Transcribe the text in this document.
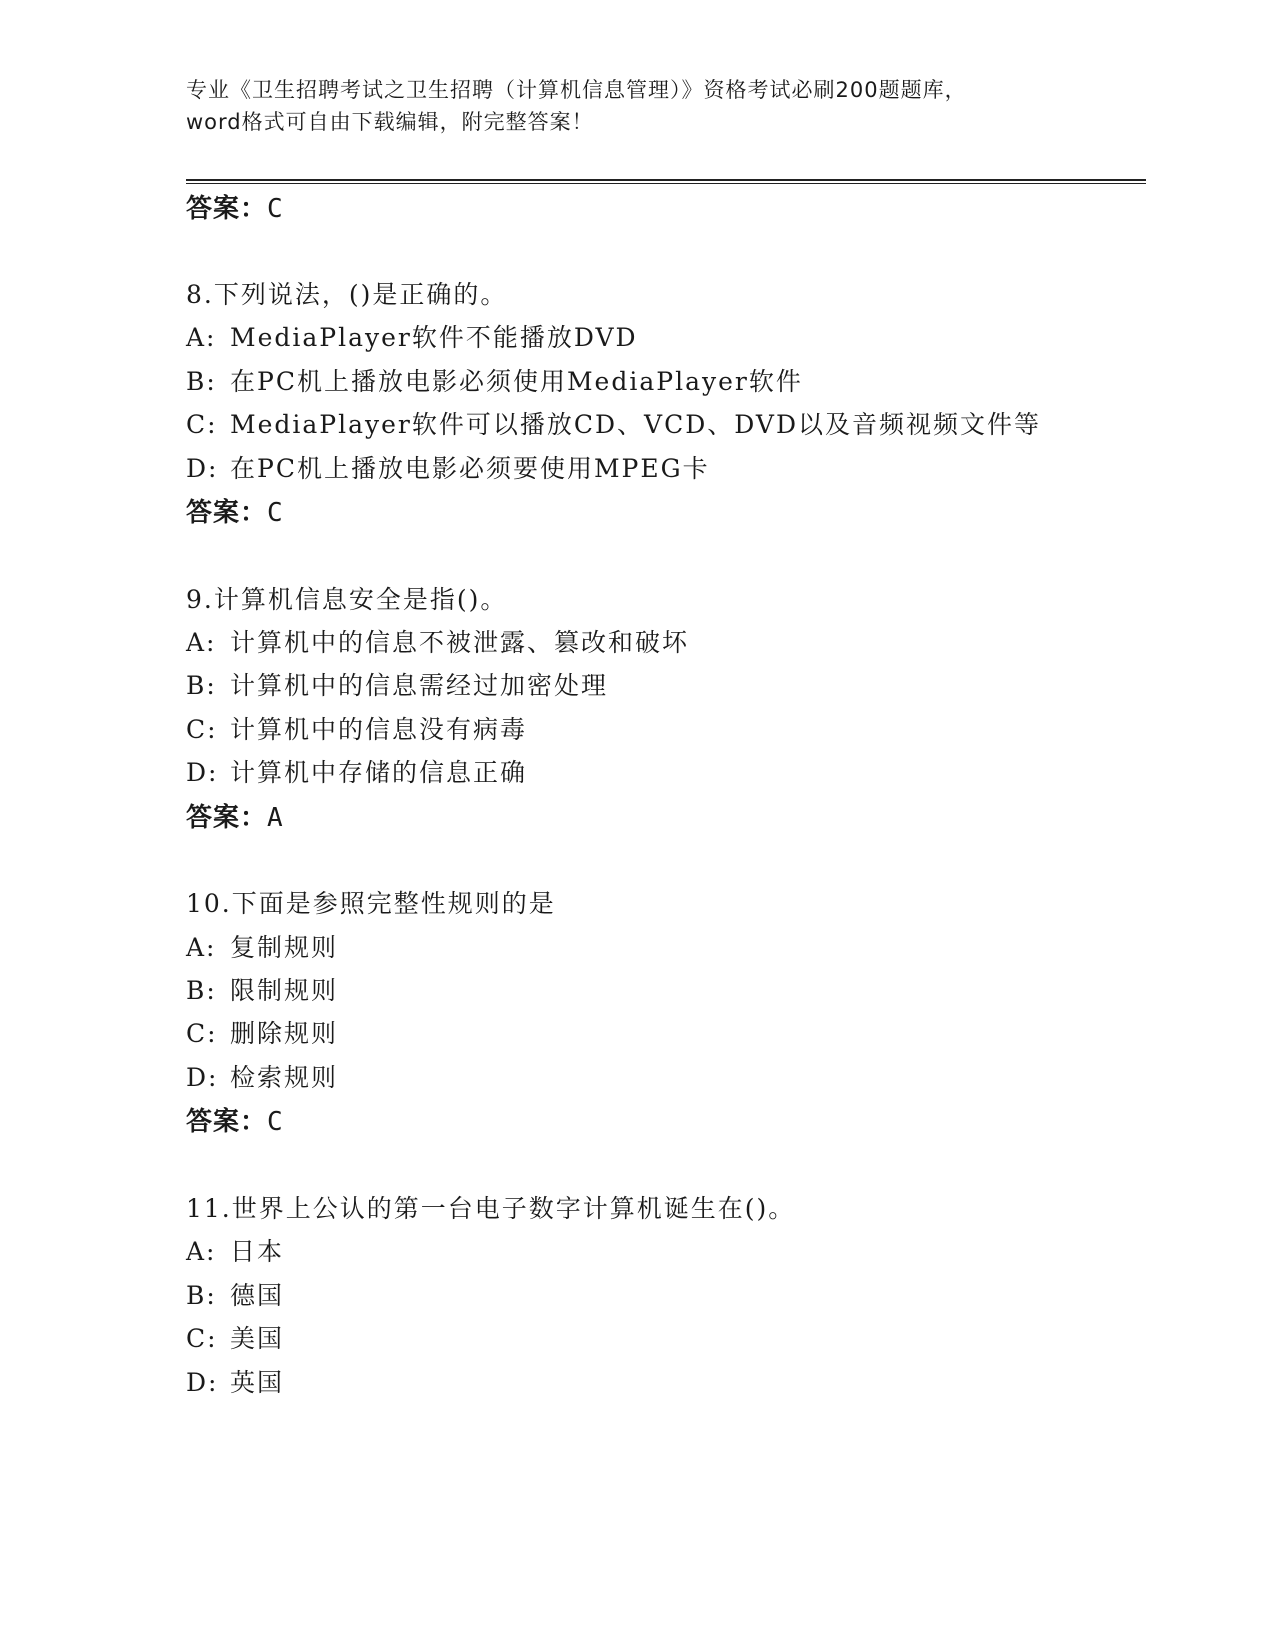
专业《卫生招聘考试之卫生招聘（计算机信息管理）》资格考试必刷200题题库，

word格式可自由下载编辑，附完整答案！

答案：C
8.下列说法，()是正确的。
A: MediaPlayer软件不能播放DVD
B: 在PC机上播放电影必须使用MediaPlayer软件
C: MediaPlayer软件可以播放CD、VCD、DVD以及音频视频文件等
D: 在PC机上播放电影必须要使用MPEG卡
答案：C
9.计算机信息安全是指()。
A: 计算机中的信息不被泄露、篡改和破坏
B: 计算机中的信息需经过加密处理
C: 计算机中的信息没有病毒
D: 计算机中存储的信息正确
答案：A
10.下面是参照完整性规则的是
A: 复制规则
B: 限制规则
C: 删除规则
D: 检索规则
答案：C
11.世界上公认的第一台电子数字计算机诞生在()。
A: 日本
B: 德国
C: 美国
D: 英国
